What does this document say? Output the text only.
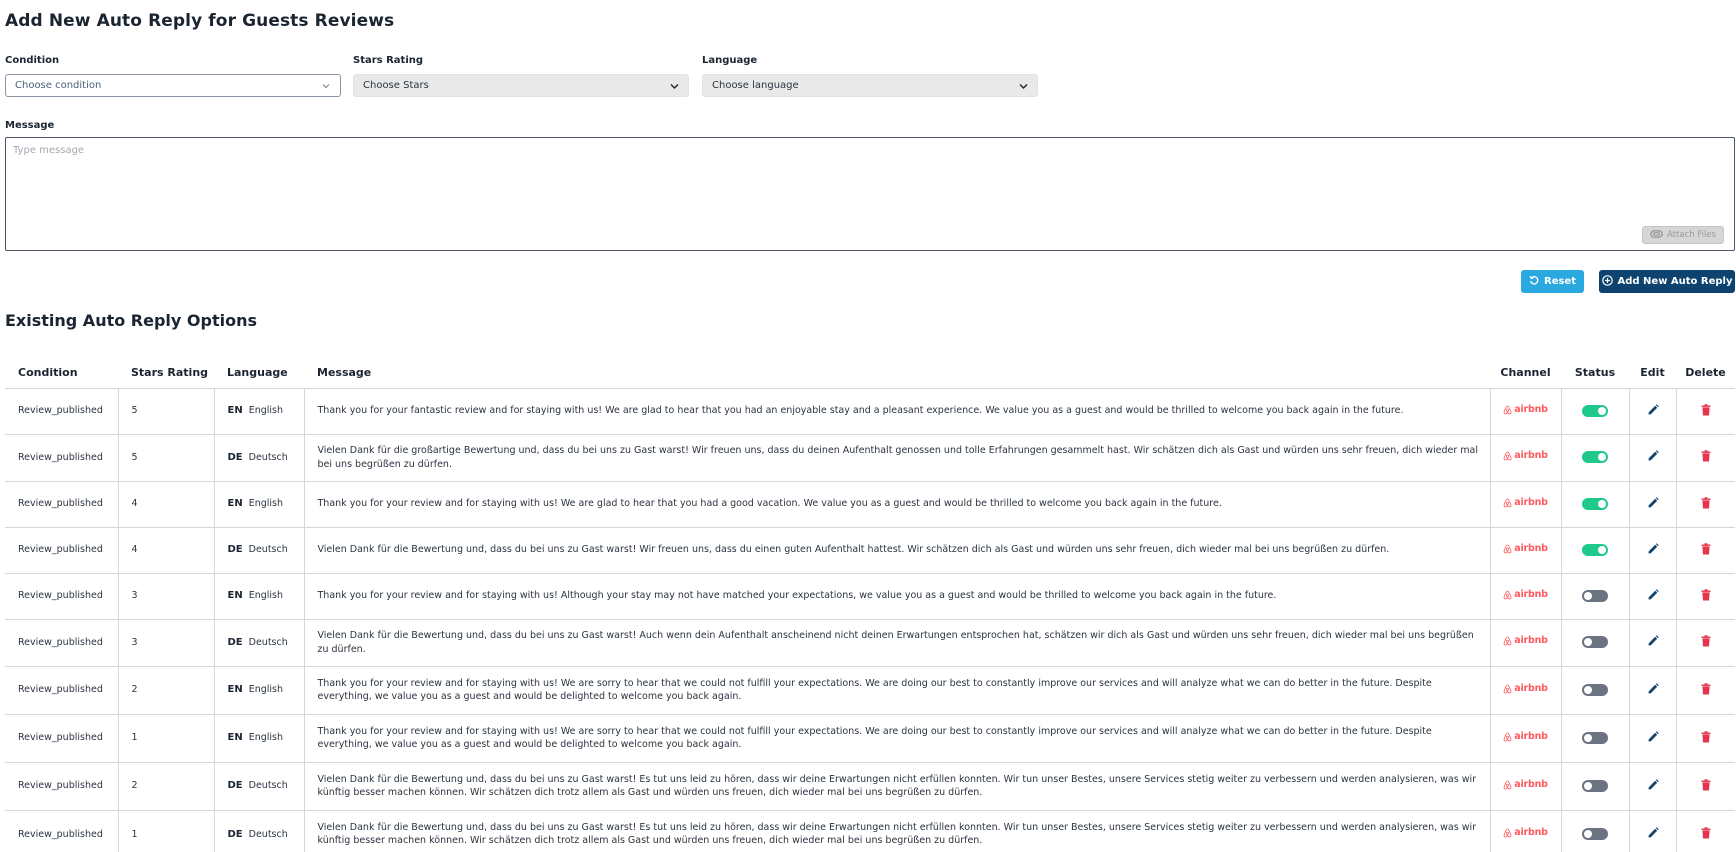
Add New Auto Reply for Guests Reviews
Condition
Choose condition
Stars Rating
Choose Stars
Language
Choose language
Message
Type message
Attach Files
Reset	Add New Auto Reply
Existing Auto Reply Options
Condition	Stars Rating	Language	Message	Channel	Status	Edit	Delete
Review_published	5	EN English	Thank you for your fantastic review and for staying with us! We are glad to hear that you had an enjoyable stay and a pleasant experience. We value you as a guest and would be thrilled to welcome you back again in the future.	airbnb

Review_published	5	DE Deutsch	Vielen Dank für die großartige Bewertung und, dass du bei uns zu Gast warst! Wir freuen uns, dass du deinen Aufenthalt genossen und tolle Erfahrungen gesammelt hast. Wir schätzen dich als Gast und würden uns sehr freuen, dich wieder mal bei uns begrüßen zu dürfen.	airbnb

Review_published	4	EN English	Thank you for your review and for staying with us! We are glad to hear that you had a good vacation. We value you as a guest and would be thrilled to welcome you back again in the future.	airbnb

Review_published	4	DE Deutsch	Vielen Dank für die Bewertung und, dass du bei uns zu Gast warst! Wir freuen uns, dass du einen guten Aufenthalt hattest. Wir schätzen dich als Gast und würden uns sehr freuen, dich wieder mal bei uns begrüßen zu dürfen.	airbnb

Review_published	3	EN English	Thank you for your review and for staying with us! Although your stay may not have matched your expectations, we value you as a guest and would be thrilled to welcome you back again in the future.	airbnb

Review_published	3	DE Deutsch	Vielen Dank für die Bewertung und, dass du bei uns zu Gast warst! Auch wenn dein Aufenthalt anscheinend nicht deinen Erwartungen entsprochen hat, schätzen wir dich als Gast und würden uns sehr freuen, dich wieder mal bei uns begrüßen zu dürfen.	airbnb

Review_published	2	EN English	Thank you for your review and for staying with us! We are sorry to hear that we could not fulfill your expectations. We are doing our best to constantly improve our services and will analyze what we can do better in the future. Despite everything, we value you as a guest and would be delighted to welcome you back again.	airbnb

Review_published	1	EN English	Thank you for your review and for staying with us! We are sorry to hear that we could not fulfill your expectations. We are doing our best to constantly improve our services and will analyze what we can do better in the future. Despite everything, we value you as a guest and would be delighted to welcome you back again.	airbnb

Review_published	2	DE Deutsch	Vielen Dank für die Bewertung und, dass du bei uns zu Gast warst! Es tut uns leid zu hören, dass wir deine Erwartungen nicht erfüllen konnten. Wir tun unser Bestes, unsere Services stetig weiter zu verbessern und werden analysieren, was wir künftig besser machen können. Wir schätzen dich trotz allem als Gast und würden uns freuen, dich wieder mal bei uns begrüßen zu dürfen.	airbnb

Review_published	1	DE Deutsch	Vielen Dank für die Bewertung und, dass du bei uns zu Gast warst! Es tut uns leid zu hören, dass wir deine Erwartungen nicht erfüllen konnten. Wir tun unser Bestes, unsere Services stetig weiter zu verbessern und werden analysieren, was wir künftig besser machen können. Wir schätzen dich trotz allem als Gast und würden uns freuen, dich wieder mal bei uns begrüßen zu dürfen.	airbnb
